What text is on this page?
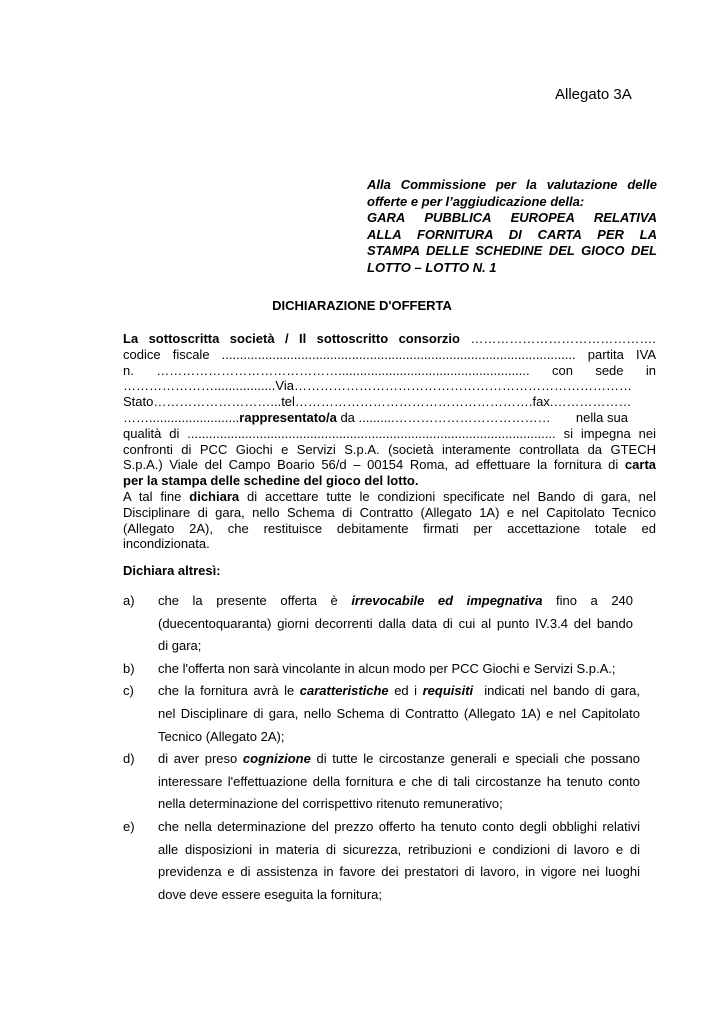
Allegato 3A
Alla Commissione per la valutazione delle
offerte e per l’aggiudicazione della:
GARA PUBBLICA EUROPEA RELATIVA
ALLA FORNITURA DI CARTA PER LA
STAMPA DELLE SCHEDINE DEL GIOCO DEL
LOTTO – LOTTO N. 1
DICHIARAZIONE D'OFFERTA
La sottoscritta società / Il sottoscritto consorzio …………………………………….
codice fiscale .................................................................................................. partita IVA
n. ……………………………………..................................................... con sede in
………………….................Via……………………………………………………………………
Stato………………………...tel……………………………………………….fax.………………
…….........................rappresentato/a da ..........………………………………       nella sua
qualità di ...................................................................................................... si impegna nei
confronti di PCC Giochi e Servizi S.p.A. (società interamente controllata da GTECH
S.p.A.) Viale del Campo Boario 56/d – 00154 Roma, ad effettuare la fornitura di carta
per la stampa delle schedine del gioco del lotto.
A tal fine dichiara di accettare tutte le condizioni specificate nel Bando di gara, nel
Disciplinare di gara, nello Schema di Contratto (Allegato 1A) e nel Capitolato Tecnico
(Allegato 2A), che restituisce debitamente firmati per accettazione totale ed
incondizionata.
Dichiara altresì:
a)	che la presente offerta è irrevocabile ed impegnativa fino a 240
(duecentoquaranta) giorni decorrenti dalla data di cui al punto IV.3.4 del bando
di gara;
b)	che l'offerta non sarà vincolante in alcun modo per PCC Giochi e Servizi S.p.A.;
c)	che la fornitura avrà le caratteristiche ed i requisiti  indicati nel bando di gara,
nel Disciplinare di gara, nello Schema di Contratto (Allegato 1A) e nel Capitolato
Tecnico (Allegato 2A);
d)	di aver preso cognizione di tutte le circostanze generali e speciali che possano
interessare l'effettuazione della fornitura e che di tali circostanze ha tenuto conto
nella determinazione del corrispettivo ritenuto remunerativo;
e)	che nella determinazione del prezzo offerto ha tenuto conto degli obblighi relativi
alle disposizioni in materia di sicurezza, retribuzioni e condizioni di lavoro e di
previdenza e di assistenza in favore dei prestatori di lavoro, in vigore nei luoghi
dove deve essere eseguita la fornitura;
